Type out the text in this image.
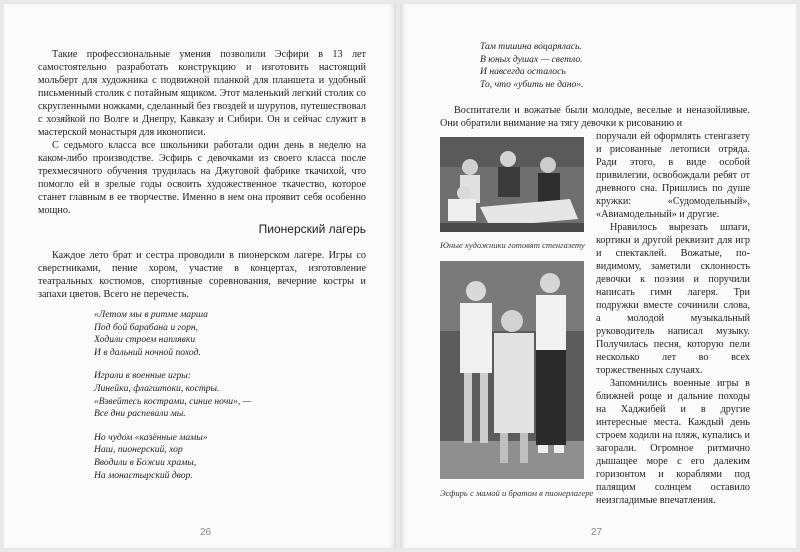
Такие профессиональные умения позволили Эсфири в 13 лет самостоятельно разработать конструкцию и изготовить настоящий мольберт для художника с подвижной планкой для планшета и удобный письменный столик с потайным ящиком. Этот маленький легкий столик со скругленными ножками, сделанный без гвоздей и шурупов, путешествовал с хозяйкой по Волге и Днепру, Кавказу и Сибири. Он и сейчас служит в мастерской монастыря для иконописи.

С седьмого класса все школьники работали один день в неделю на каком-либо производстве. Эсфирь с девочками из своего класса после трехмесячного обучения трудилась на Джутовой фабрике ткачихой, что помогло ей в зрелые годы освоить художественное ткачество, которое станет главным в ее творчестве. Именно в нем она проявит себя особенно мощно.

Пионерский лагерь

Каждое лето брат и сестра проводили в пионерском лагере. Игры со сверстниками, пение хором, участие в концертах, изготовление театральных костюмов, спортивные соревнования, вечерние костры и запахи цветов. Всего не перечесть.

«Летом мы в ритме марша
Под бой барабана и горн,
Ходили строем наплявки
И в дальний ночной поход.
Играли в военные игры:
Линейки, флагштоки, костры.
«Взвейтесь кострами, синие ночи», —
Все дни распевали мы.
Но чудом «казённые мамы»
Наш, пионерский, хор
Вводили в Божии храмы,
На монастырский двор.
26
Там тишина воцарялась.
В юных душах — светло.
И навсегда осталось
То, что «убить не дано».

Воспитатели и вожатые были молодые, веселые и неназойливые. Они обратили внимание на тягу девочки к рисованию и

Юные художники готовят стенгазету
Эсфирь с мамой и братом в пионерлагере

поручали ей оформлять стенгазету и рисованные летописи отряда. Ради этого, в виде особой привилегии, освобождали ребят от дневного сна. Пришлись по душе кружки: «Судомодельный», «Авиамодельный» и другие.

Нравилось вырезать шпаги, кортики и другой реквизит для игр и спектаклей. Вожатые, по-видимому, заметили склонность девочки к поэзии и поручили написать гимн лагеря. Три подружки вместе сочинили слова, а молодой музыкальный руководитель написал музыку. Получилась песня, которую пели несколько лет во всех торжественных случаях.

Запомнились военные игры в ближней роще и дальние походы на Хаджибей и в другие интересные места. Каждый день строем ходили на пляж, купались и загорали. Огромное ритмично дышащее море с его далеким горизонтом и кораблями под палящим солнцем оставило неизгладимые впечатления.

27
